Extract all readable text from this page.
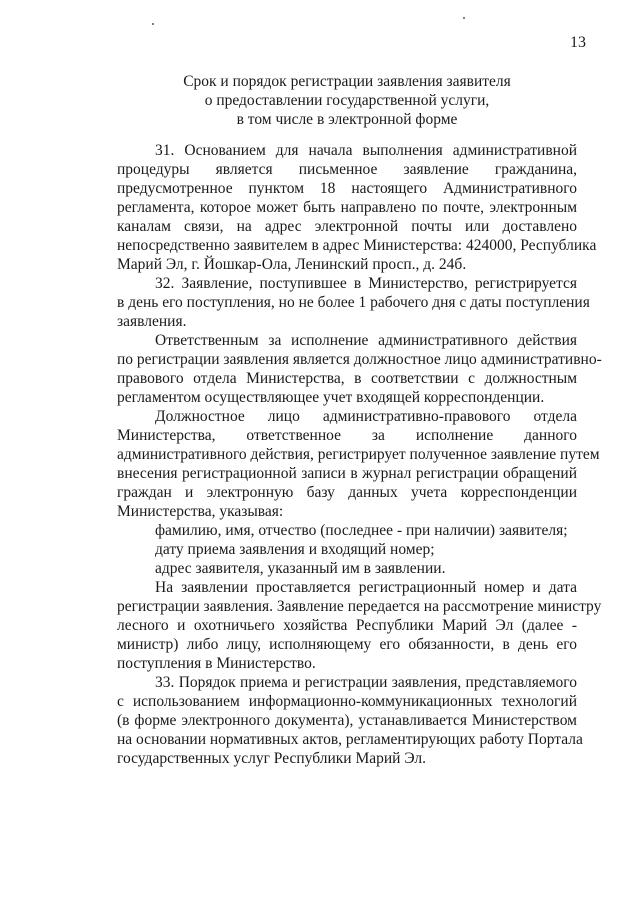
13
Срок и порядок регистрации заявления заявителя
о предоставлении государственной услуги,
в том числе в электронной форме
31. Основанием для начала выполнения административной
процедуры является письменное заявление гражданина,
предусмотренное пунктом 18 настоящего Административного
регламента, которое может быть направлено по почте, электронным
каналам связи, на адрес электронной почты или доставлено
непосредственно заявителем в адрес Министерства: 424000, Республика
Марий Эл, г. Йошкар-Ола, Ленинский просп., д. 24б.
32. Заявление, поступившее в Министерство, регистрируется
в день его поступления, но не более 1 рабочего дня с даты поступления
заявления.
Ответственным за исполнение административного действия
по регистрации заявления является должностное лицо административно-
правового отдела Министерства, в соответствии с должностным
регламентом осуществляющее учет входящей корреспонденции.
Должностное лицо административно-правового отдела
Министерства, ответственное за исполнение данного
административного действия, регистрирует полученное заявление путем
внесения регистрационной записи в журнал регистрации обращений
граждан и электронную базу данных учета корреспонденции
Министерства, указывая:
фамилию, имя, отчество (последнее - при наличии) заявителя;
дату приема заявления и входящий номер;
адрес заявителя, указанный им в заявлении.
На заявлении проставляется регистрационный номер и дата
регистрации заявления. Заявление передается на рассмотрение министру
лесного и охотничьего хозяйства Республики Марий Эл (далее -
министр) либо лицу, исполняющему его обязанности, в день его
поступления в Министерство.
33. Порядок приема и регистрации заявления, представляемого
с использованием информационно-коммуникационных технологий
(в форме электронного документа), устанавливается Министерством
на основании нормативных актов, регламентирующих работу Портала
государственных услуг Республики Марий Эл.
